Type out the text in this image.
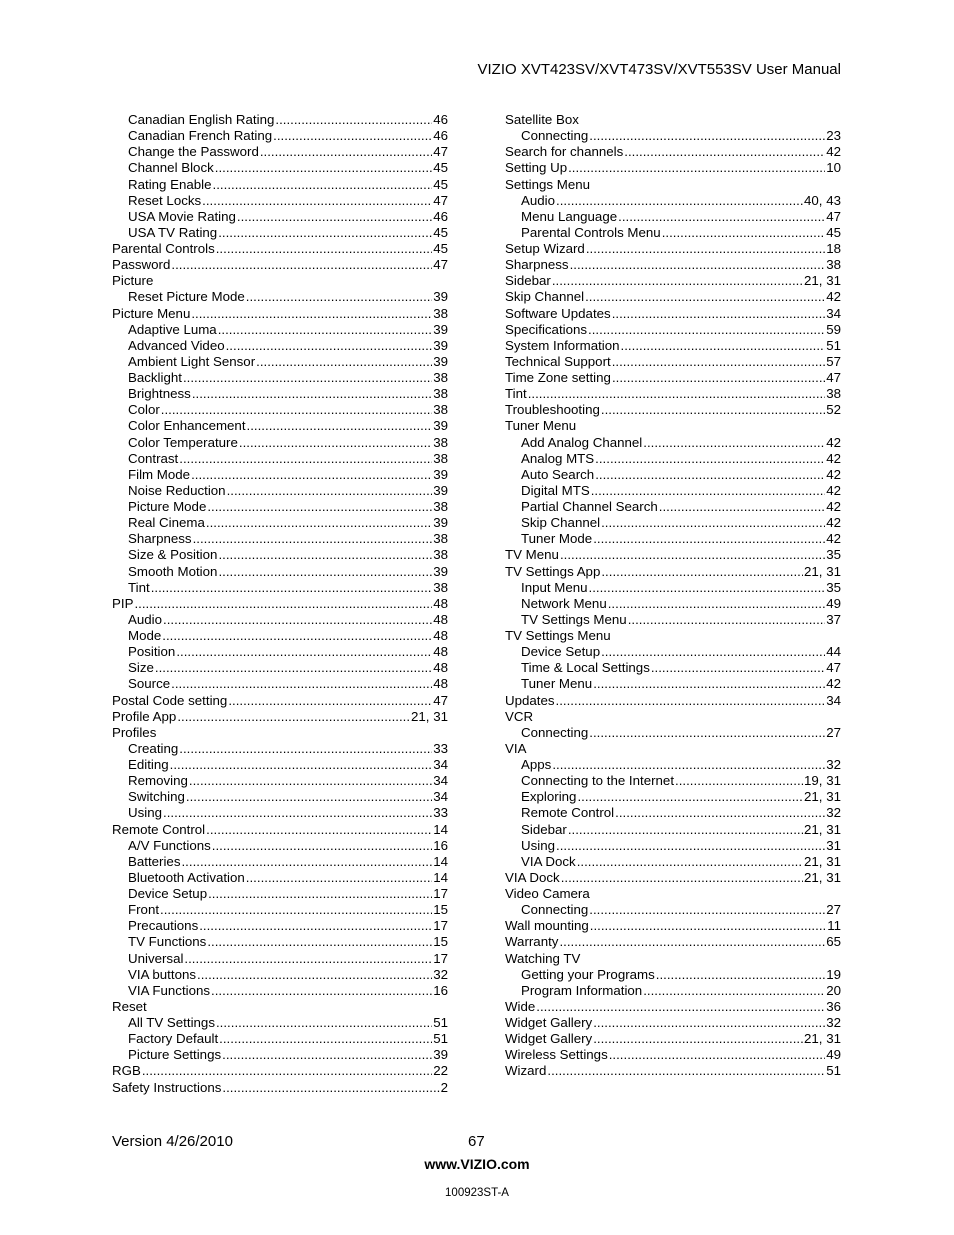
VIZIO XVT423SV/XVT473SV/XVT553SV User Manual
Canadian English Rating .....	46
Canadian French Rating .....	46
Change the Password .....	47
Channel Block .....	45
Rating Enable .....	45
Reset Locks .....	47
USA Movie Rating .....	46
USA TV Rating .....	45
Parental Controls .....	45
Password .....	47
Picture
Reset Picture Mode .....	39
Picture Menu .....	38
Adaptive Luma .....	39
Advanced Video .....	39
Ambient Light Sensor .....	39
Backlight .....	38
Brightness .....	38
Color .....	38
Color Enhancement .....	39
Color Temperature .....	38
Contrast .....	38
Film Mode .....	39
Noise Reduction .....	39
Picture Mode .....	38
Real Cinema .....	39
Sharpness .....	38
Size & Position .....	38
Smooth Motion .....	39
Tint .....	38
PIP .....	48
Audio .....	48
Mode .....	48
Position .....	48
Size .....	48
Source .....	48
Postal Code setting .....	47
Profile App .....	21, 31
Profiles
Creating .....	33
Editing .....	34
Removing .....	34
Switching .....	34
Using .....	33
Remote Control .....	14
A/V Functions .....	16
Batteries .....	14
Bluetooth Activation .....	14
Device Setup .....	17
Front .....	15
Precautions .....	17
TV Functions .....	15
Universal .....	17
VIA buttons .....	32
VIA Functions .....	16
Reset
All TV Settings .....	51
Factory Default .....	51
Picture Settings .....	39
RGB .....	22
Safety Instructions .....	2
Satellite Box
Connecting .....	23
Search for channels .....	42
Setting Up .....	10
Settings Menu
Audio .....	40, 43
Menu Language .....	47
Parental Controls Menu .....	45
Setup Wizard .....	18
Sharpness .....	38
Sidebar .....	21, 31
Skip Channel .....	42
Software Updates .....	34
Specifications .....	59
System Information .....	51
Technical Support .....	57
Time Zone setting .....	47
Tint .....	38
Troubleshooting .....	52
Tuner Menu
Add Analog Channel .....	42
Analog MTS .....	42
Auto Search .....	42
Digital MTS .....	42
Partial Channel Search .....	42
Skip Channel .....	42
Tuner Mode .....	42
TV Menu .....	35
TV Settings App .....	21, 31
Input Menu .....	35
Network Menu .....	49
TV Settings Menu .....	37
TV Settings Menu
Device Setup .....	44
Time & Local Settings .....	47
Tuner Menu .....	42
Updates .....	34
VCR
Connecting .....	27
VIA
Apps .....	32
Connecting to the Internet .....	19, 31
Exploring .....	21, 31
Remote Control .....	32
Sidebar .....	21, 31
Using .....	31
VIA Dock .....	21, 31
VIA Dock .....	21, 31
Video Camera
Connecting .....	27
Wall mounting .....	11
Warranty .....	65
Watching TV
Getting your Programs .....	19
Program Information .....	20
Wide .....	36
Widget Gallery .....	32
Widget Gallery .....	21, 31
Wireless Settings .....	49
Wizard .....	51
Version 4/26/2010	67
www.VIZIO.com
100923ST-A
